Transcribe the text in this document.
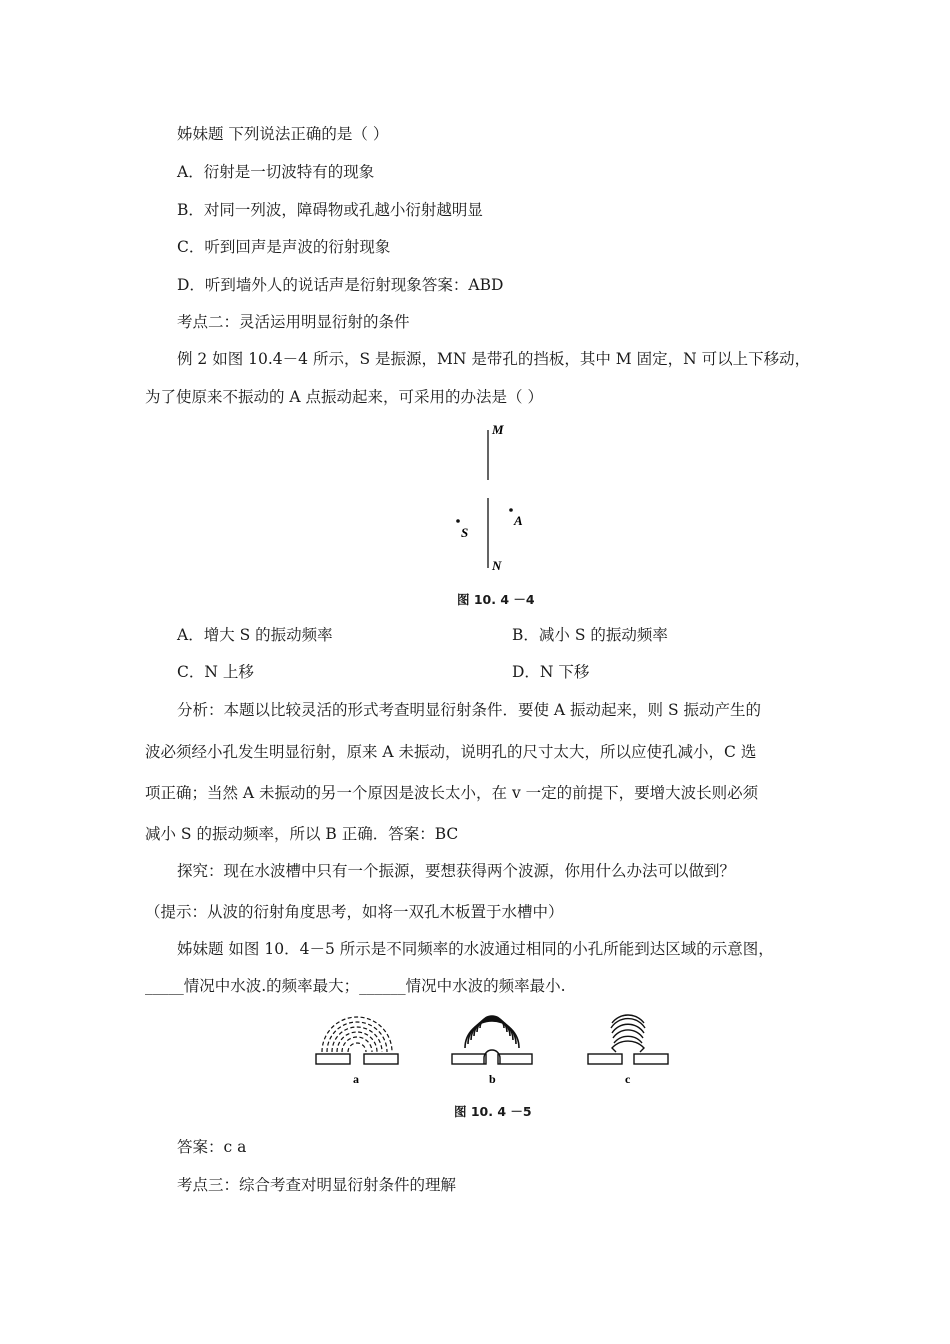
姊妹题 下列说法正确的是（ ）
A．衍射是一切波特有的现象
B．对同一列波，障碍物或孔越小衍射越明显
C．听到回声是声波的衍射现象
D．听到墙外人的说话声是衍射现象答案：ABD
考点二：灵活运用明显衍射的条件
例 2 如图 10.4－4 所示，S 是振源，MN 是带孔的挡板，其中 M 固定，N 可以上下移动，
为了使原来不振动的 A 点振动起来，可采用的办法是（ ）
M
N
S
A
图 10. 4 －4
A．增大 S 的振动频率	B．减小 S 的振动频率
C．N 上移	D．N 下移
分析：本题以比较灵活的形式考查明显衍射条件．要使 A 振动起来，则 S 振动产生的
波必须经小孔发生明显衍射，原来 A 未振动，说明孔的尺寸太大，所以应使孔减小，C 选
项正确；当然 A 未振动的另一个原因是波长太小，在 v 一定的前提下，要增大波长则必须
减小 S 的振动频率，所以 B 正确．答案：BC
探究：现在水波槽中只有一个振源，要想获得两个波源，你用什么办法可以做到？
（提示：从波的衍射角度思考，如将一双孔木板置于水槽中）
姊妹题 如图 10．4－5 所示是不同频率的水波通过相同的小孔所能到达区域的示意图，
_____情况中水波.的频率最大；______情况中水波的频率最小.
a	b	c
图 10. 4 －5
答案：c a
考点三：综合考查对明显衍射条件的理解
